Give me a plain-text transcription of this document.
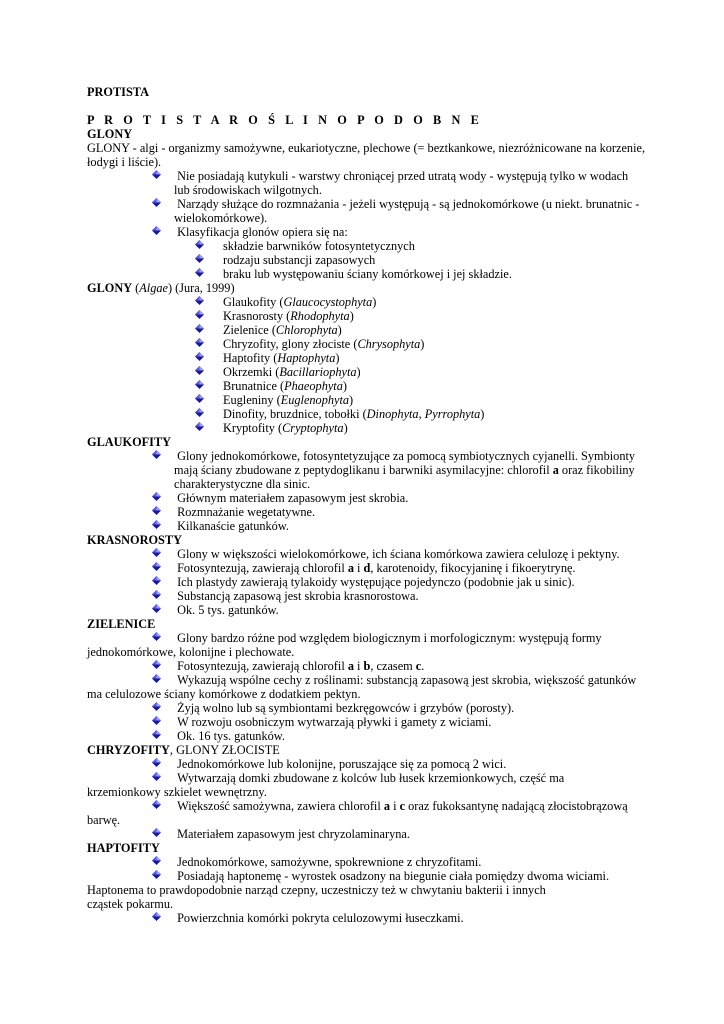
PROTISTA

P R O T I S T A R O Ś L I N O P O D O B N E

GLONY

GLONY - algi - organizmy samożywne, eukariotyczne, plechowe (= beztkankowe, niezróżnicowane na korzenie, łodygi i liście).

Nie posiadają kutykuli - warstwy chroniącej przed utratą wody - występują tylko w wodach
lub środowiskach wilgotnych.

Narządy służące do rozmnażania - jeżeli występują - są jednokomórkowe (u niekt. brunatnic -
wielokomórkowe).

Klasyfikacja glonów opiera się na:

składzie barwników fotosyntetycznych

rodzaju substancji zapasowych

braku lub występowaniu ściany komórkowej i jej składzie.

GLONY (Algae) (Jura, 1999)

Glaukofity (Glaucocystophyta)

Krasnorosty (Rhodophyta)

Zielenice (Chlorophyta)

Chryzofity, glony złociste (Chrysophyta)

Haptofity (Haptophyta)

Okrzemki (Bacillariophyta)

Brunatnice (Phaeophyta)

Eugleniny (Euglenophyta)

Dinofity, bruzdnice, tobołki (Dinophyta, Pyrrophyta)

Kryptofity (Cryptophyta)

GLAUKOFITY

Glony jednokomórkowe, fotosyntetyzujące za pomocą symbiotycznych cyjanelli. Symbionty
mają ściany zbudowane z peptydoglikanu i barwniki asymilacyjne: chlorofil a oraz fikobiliny
charakterystyczne dla sinic.

Głównym materiałem zapasowym jest skrobia.

Rozmnażanie wegetatywne.

Kilkanaście gatunków.

KRASNOROSTY

Glony w większości wielokomórkowe, ich ściana komórkowa zawiera celulozę i pektyny.

Fotosyntezują, zawierają chlorofil a i d, karotenoidy, fikocyjaninę i fikoerytrynę.

Ich plastydy zawierają tylakoidy występujące pojedynczo (podobnie jak u sinic).

Substancją zapasową jest skrobia krasnorostowa.

Ok. 5 tys. gatunków.

ZIELENICE

Glony bardzo różne pod względem biologicznym i morfologicznym: występują formy

jednokomórkowe, kolonijne i plechowate.

Fotosyntezują, zawierają chlorofil a i b, czasem c.

Wykazują wspólne cechy z roślinami: substancją zapasową jest skrobia, większość gatunków

ma celulozowe ściany komórkowe z dodatkiem pektyn.

Żyją wolno lub są symbiontami bezkręgowców i grzybów (porosty).

W rozwoju osobniczym wytwarzają pływki i gamety z wiciami.

Ok. 16 tys. gatunków.

CHRYZOFITY, GLONY ZŁOCISTE

Jednokomórkowe lub kolonijne, poruszające się za pomocą 2 wici.

Wytwarzają domki zbudowane z kolców lub łusek krzemionkowych, część ma

krzemionkowy szkielet wewnętrzny.

Większość samożywna, zawiera chlorofil a i c oraz fukoksantynę nadającą złocistobrązową

barwę.

Materiałem zapasowym jest chryzolaminaryna.

HAPTOFITY

Jednokomórkowe, samożywne, spokrewnione z chryzofitami.

Posiadają haptonemę - wyrostek osadzony na biegunie ciała pomiędzy dwoma wiciami.

Haptonema to prawdopodobnie narząd czepny, uczestniczy też w chwytaniu bakterii i innych

cząstek pokarmu.

Powierzchnia komórki pokryta celulozowymi łuseczkami.
